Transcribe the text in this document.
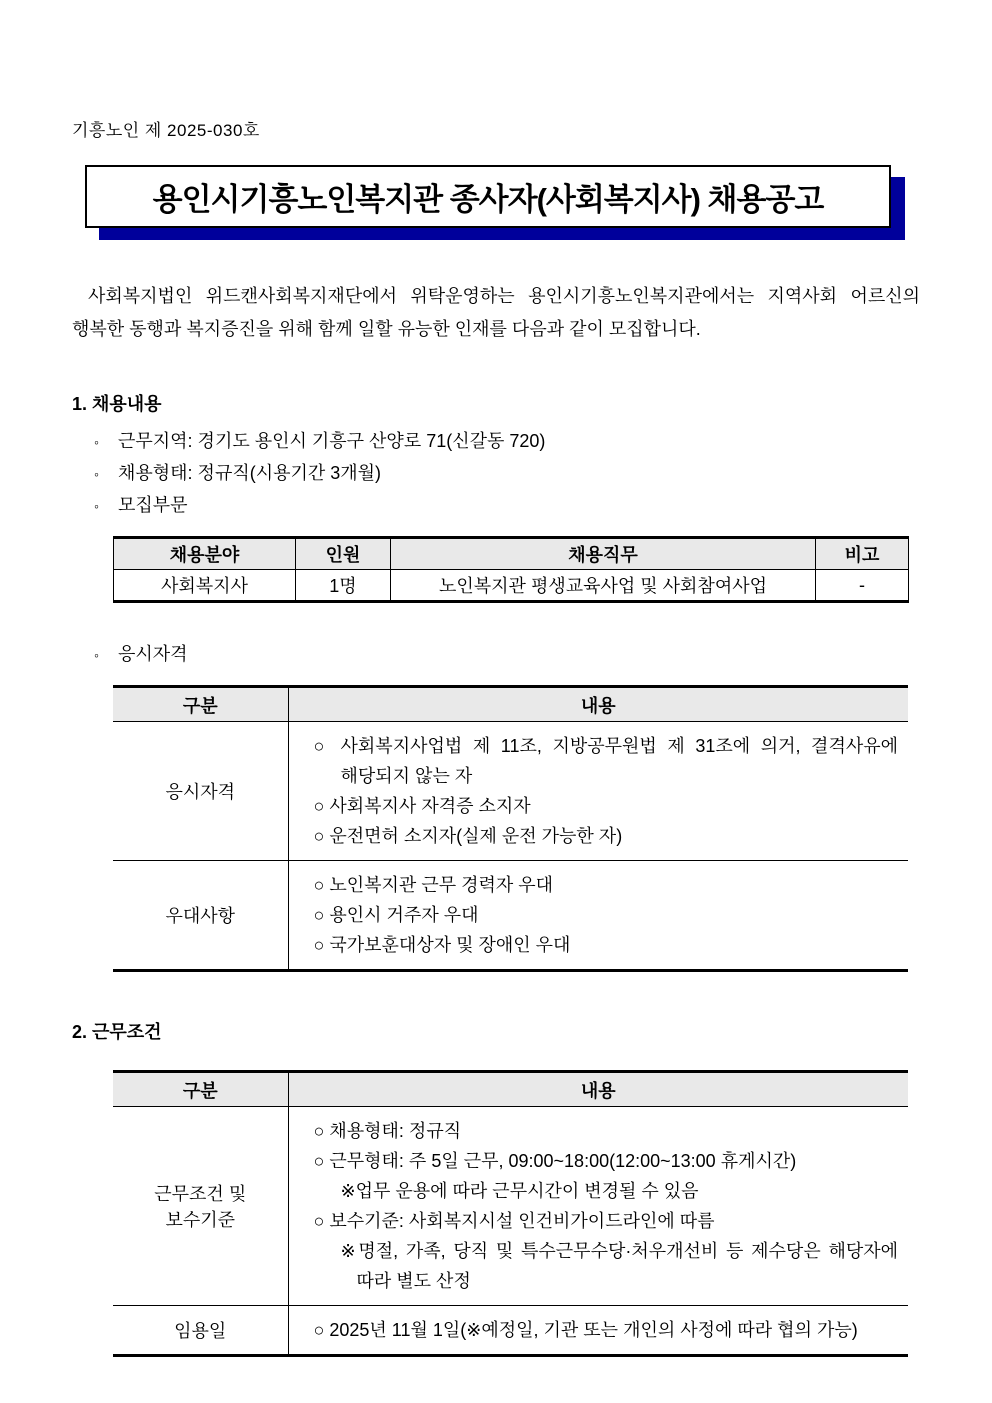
기흥노인 제 2025-030호
용인시기흥노인복지관 종사자(사회복지사) 채용공고

사회복지법인 위드캔사회복지재단에서 위탁운영하는 용인시기흥노인복지관에서는 지역사회 어르신의 행복한 동행과 복지증진을 위해 함께 일할 유능한 인재를 다음과 같이 모집합니다.

1. 채용내용
◦	근무지역: 경기도 용인시 기흥구 산양로 71(신갈동 720)
◦	채용형태: 정규직(시용기간 3개월)
◦	모집부문
채용분야	인원	채용직무	비고
사회복지사	1명	노인복지관 평생교육사업 및 사회참여사업	-
◦	응시자격
구분	내용
응시자격	○ 사회복지사업법 제 11조, 지방공무원법 제 31조에 의거, 결격사유에 해당되지 않는 자
○ 사회복지사 자격증 소지자
○ 운전면허 소지자(실제 운전 가능한 자)

우대사항	○ 노인복지관 근무 경력자 우대
○ 용인시 거주자 우대
○ 국가보훈대상자 및 장애인 우대
2. 근무조건
구분	내용
근무조건 및 보수기준	○ 채용형태: 정규직
○ 근무형태: 주 5일 근무, 09:00~18:00(12:00~13:00 휴게시간)
※업무 운용에 따라 근무시간이 변경될 수 있음
○ 보수기준: 사회복지시설 인건비가이드라인에 따름
※명절, 가족, 당직 및 특수근무수당·처우개선비 등 제수당은 해당자에 따라 별도 산정

임용일	○ 2025년 11월 1일(※예정일, 기관 또는 개인의 사정에 따라 협의 가능)
